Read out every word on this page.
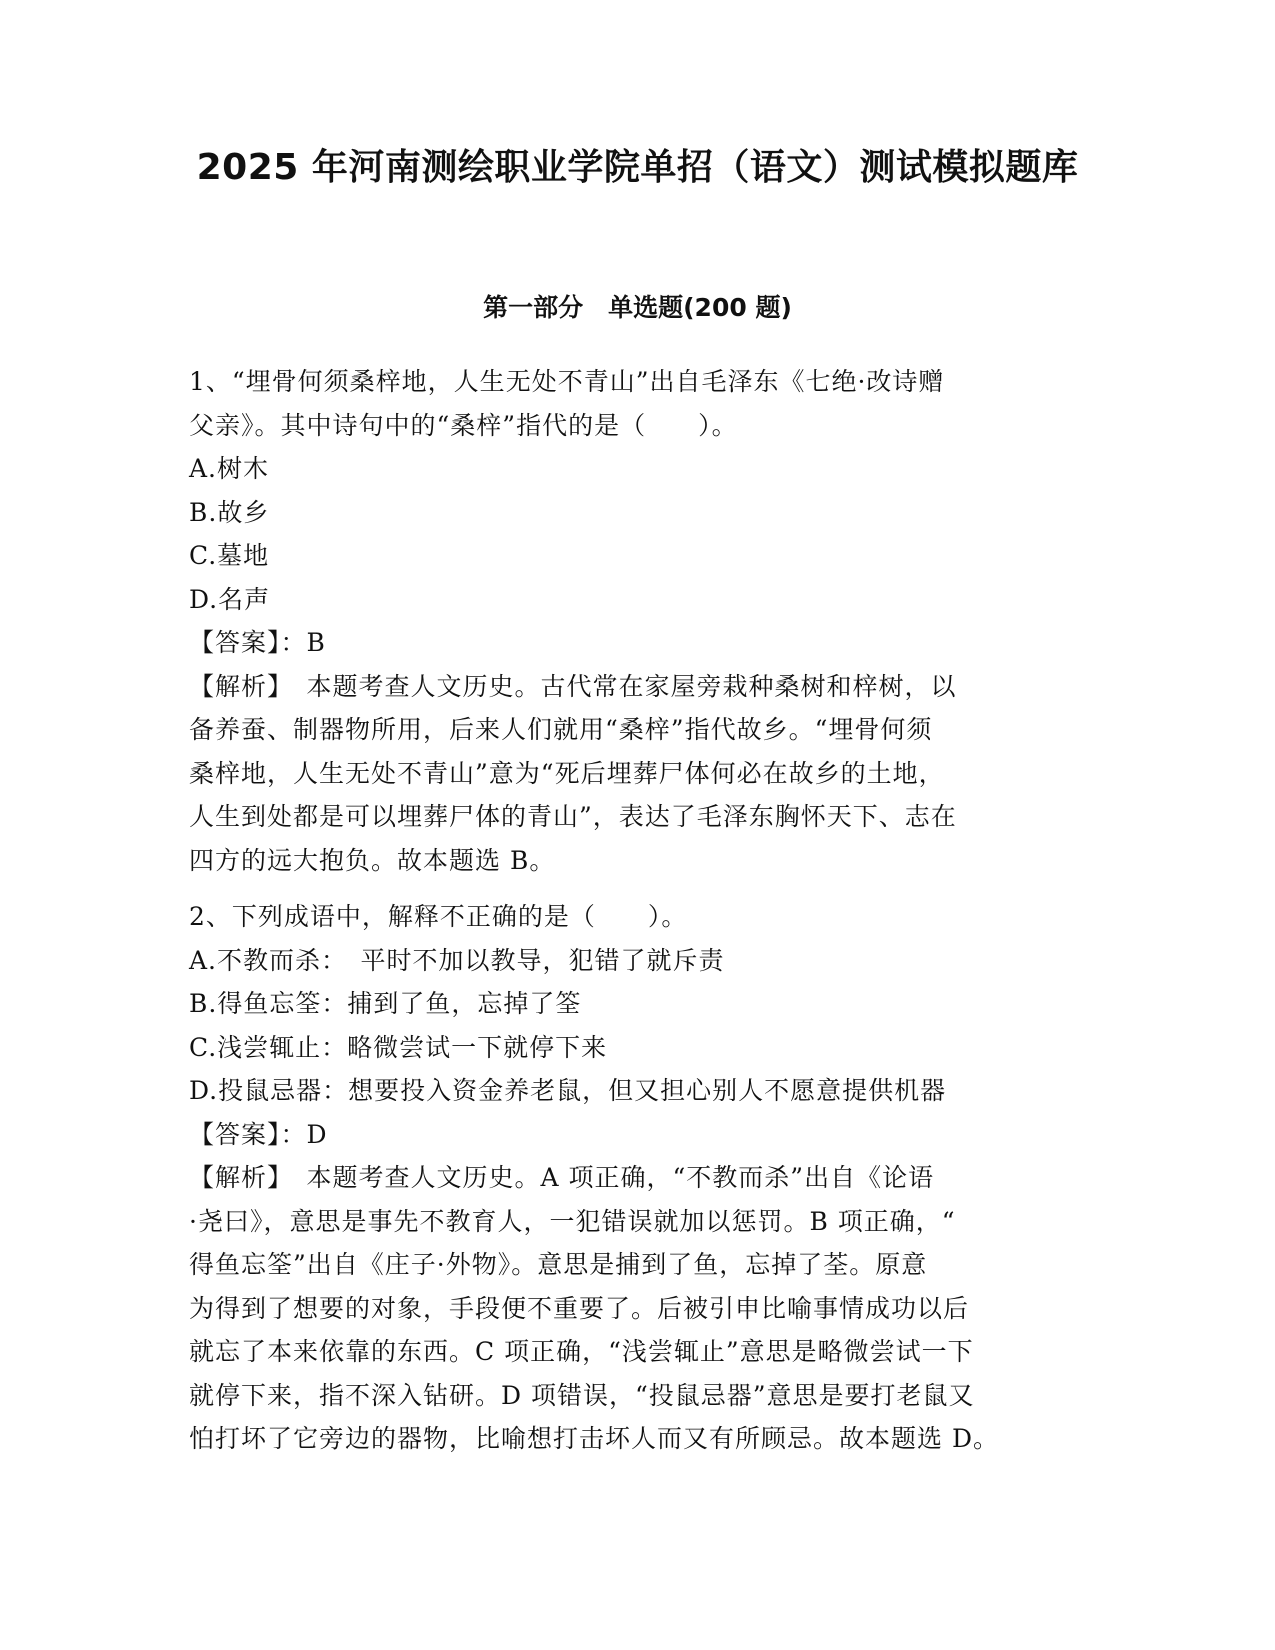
2025 年河南测绘职业学院单招（语文）测试模拟题库
第一部分　单选题(200 题)
1、“埋骨何须桑梓地，人生无处不青山”出自毛泽东《七绝·改诗赠
父亲》。其中诗句中的“桑梓”指代的是（　　）。
A.树木
B.故乡
C.墓地
D.名声
【答案】：B
【解析】　本题考查人文历史。古代常在家屋旁栽种桑树和梓树，以
备养蚕、制器物所用，后来人们就用“桑梓”指代故乡。“埋骨何须
桑梓地，人生无处不青山”意为“死后埋葬尸体何必在故乡的土地，
人生到处都是可以埋葬尸体的青山”，表达了毛泽东胸怀天下、志在
四方的远大抱负。故本题选 B。
2、下列成语中，解释不正确的是（　　）。
A.不教而杀：　平时不加以教导，犯错了就斥责
B.得鱼忘筌：捕到了鱼，忘掉了筌
C.浅尝辄止：略微尝试一下就停下来
D.投鼠忌器：想要投入资金养老鼠，但又担心别人不愿意提供机器
【答案】：D
【解析】　本题考查人文历史。A 项正确，“不教而杀”出自《论语
·尧曰》，意思是事先不教育人，一犯错误就加以惩罚。B 项正确，“
得鱼忘筌”出自《庄子·外物》。意思是捕到了鱼，忘掉了荃。原意
为得到了想要的对象，手段便不重要了。后被引申比喻事情成功以后
就忘了本来依靠的东西。C 项正确，“浅尝辄止”意思是略微尝试一下
就停下来，指不深入钻研。D 项错误，“投鼠忌器”意思是要打老鼠又
怕打坏了它旁边的器物，比喻想打击坏人而又有所顾忌。故本题选 D。
